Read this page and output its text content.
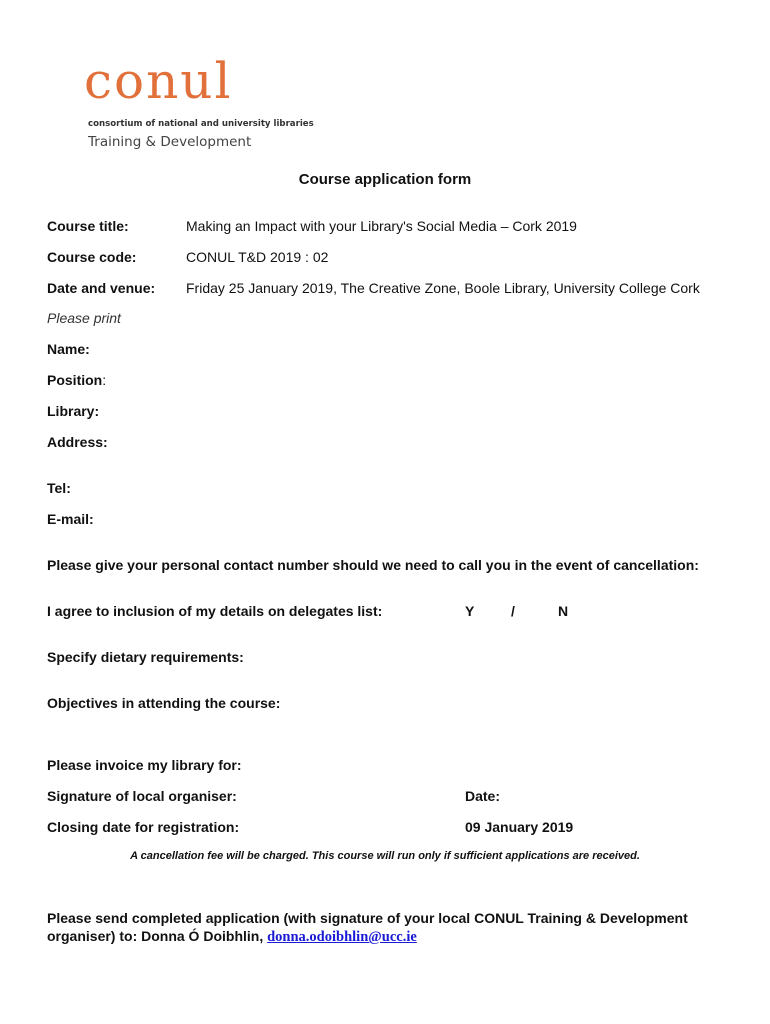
conul
consortium of national and university libraries
Training & Development
Course application form
Course title:	Making an Impact with your Library's Social Media – Cork 2019
Course code:	CONUL T&D 2019 : 02
Date and venue: Friday 25 January 2019, The Creative Zone, Boole Library, University College Cork
Please print
Name:
Position:
Library:
Address:
Tel:
E-mail:
Please give your personal contact number should we need to call you in the event of cancellation:
I agree to inclusion of my details on delegates list:	Y	/	N
Specify dietary requirements:
Objectives in attending the course:
Please invoice my library for:
Signature of local organiser:	Date:
Closing date for registration:	09 January 2019
A cancellation fee will be charged. This course will run only if sufficient applications are received.
Please send completed application (with signature of your local CONUL Training & Development organiser) to: Donna Ó Doibhlin, donna.odoibhlin@ucc.ie
